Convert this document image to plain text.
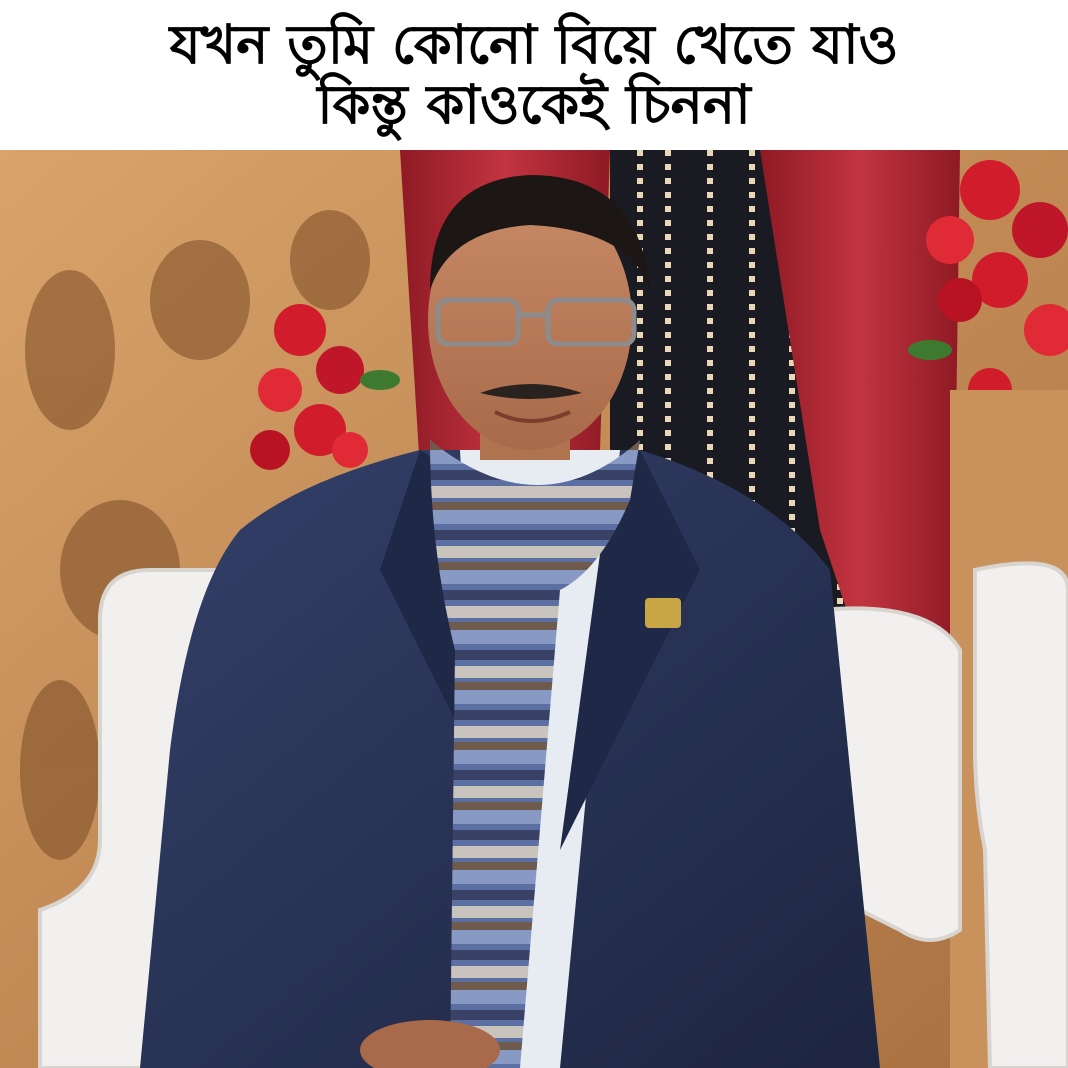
যখন তুমি কোনো বিয়ে খেতে যাও
কিন্তু কাওকেই চিননা
